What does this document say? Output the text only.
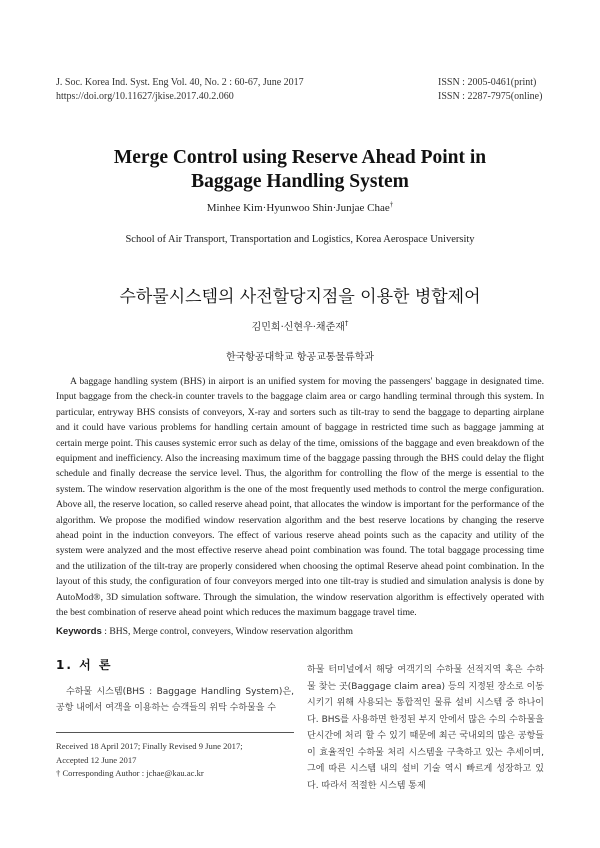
J. Soc. Korea Ind. Syst. Eng Vol. 40, No. 2 : 60-67, June 2017
https://doi.org/10.11627/jkise.2017.40.2.060
ISSN : 2005-0461(print)
ISSN : 2287-7975(online)
Merge Control using Reserve Ahead Point in
Baggage Handling System
Minhee Kim·Hyunwoo Shin·Junjae Chae†
School of Air Transport, Transportation and Logistics, Korea Aerospace University
수하물시스템의 사전할당지점을 이용한 병합제어
김민희·신현우·채준재†
한국항공대학교 항공교통물류학과
A baggage handling system (BHS) in airport is an unified system for moving the passengers' baggage in designated time. Input baggage from the check-in counter travels to the baggage claim area or cargo handling terminal through this system. In particular, entryway BHS consists of conveyors, X-ray and sorters such as tilt-tray to send the baggage to departing airplane and it could have various problems for handling certain amount of baggage in restricted time such as baggage jamming at certain merge point. This causes systemic error such as delay of the time, omissions of the baggage and even breakdown of the equipment and inefficiency. Also the increasing maximum time of the baggage passing through the BHS could delay the flight schedule and finally decrease the service level. Thus, the algorithm for controlling the flow of the merge is essential to the system. The window reservation algorithm is the one of the most frequently used methods to control the merge configuration. Above all, the reserve location, so called reserve ahead point, that allocates the window is important for the performance of the algorithm. We propose the modified window reservation algorithm and the best reserve locations by changing the reserve ahead point in the induction conveyors. The effect of various reserve ahead points such as the capacity and utility of the system were analyzed and the most effective reserve ahead point combination was found. The total baggage processing time and the utilization of the tilt-tray are properly considered when choosing the optimal Reserve ahead point combination. In the layout of this study, the configuration of four conveyors merged into one tilt-tray is studied and simulation analysis is done by AutoMod®, 3D simulation software. Through the simulation, the window reservation algorithm is effectively operated with the best combination of reserve ahead point which reduces the maximum baggage travel time.
Keywords : BHS, Merge control, conveyers, Window reservation algorithm
1. 서 론
수하물 시스템(BHS : Baggage Handling System)은, 공항 내에서 여객을 이용하는 승객들의 위탁 수하물을 수
Received 18 April 2017; Finally Revised 9 June 2017;
Accepted 12 June 2017
† Corresponding Author : jchae@kau.ac.kr
하물 터미널에서 해당 여객기의 수하물 선적지역 혹은 수하물 찾는 곳(Baggage claim area) 등의 지정된 장소로 이동시키기 위해 사용되는 통합적인 물류 설비 시스템 중 하나이다. BHS를 사용하면 한정된 부지 안에서 많은 수의 수하물을 단시간에 처리 할 수 있기 때문에 최근 국내외의 많은 공항들이 효율적인 수하물 처리 시스템을 구축하고 있는 추세이며, 그에 따른 시스템 내의 설비 기술 역시 빠르게 성장하고 있다. 따라서 적절한 시스템 통제
